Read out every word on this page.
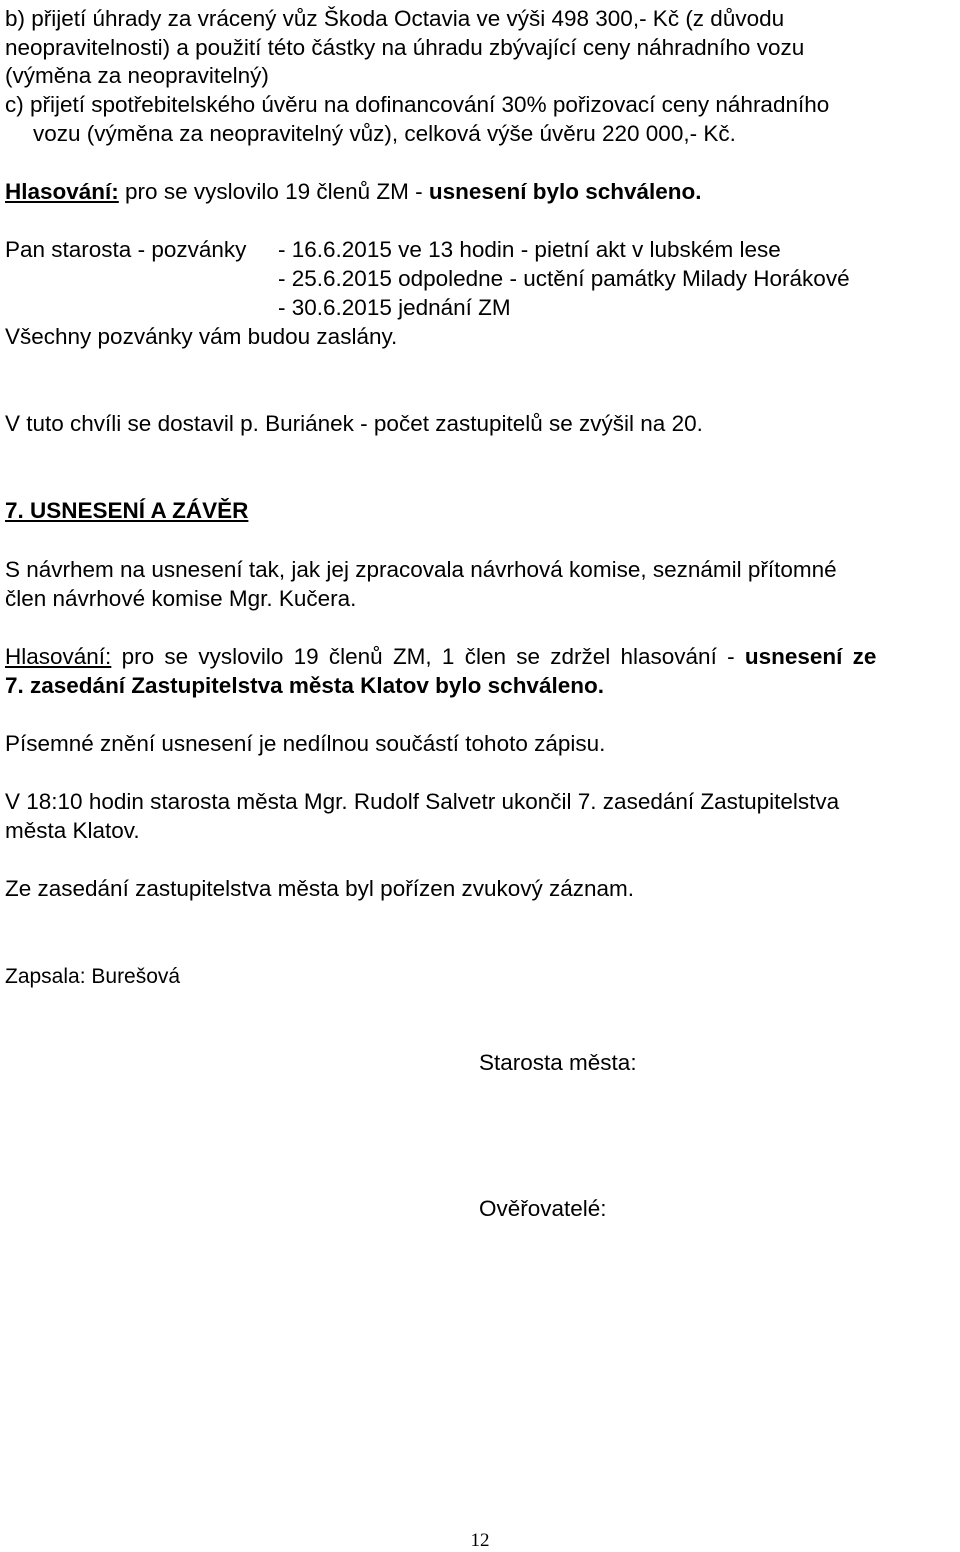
b) přijetí úhrady za vrácený vůz Škoda Octavia ve výši 498 300,- Kč (z důvodu
neopravitelnosti) a použití této částky na úhradu zbývající ceny náhradního vozu
(výměna za neopravitelný)
c) přijetí spotřebitelského úvěru na dofinancování 30% pořizovací ceny náhradního
vozu (výměna za neopravitelný vůz), celková výše úvěru 220 000,- Kč.
Hlasování: pro se vyslovilo 19 členů ZM - usnesení bylo schváleno.
Pan starosta - pozvánky - 16.6.2015 ve 13 hodin - pietní akt v lubském lese
- 25.6.2015 odpoledne - uctění památky Milady Horákové
- 30.6.2015 jednání ZM
Všechny pozvánky vám budou zaslány.
V tuto chvíli se dostavil p. Buriánek - počet zastupitelů se zvýšil na 20.
7. USNESENÍ A ZÁVĚR
S návrhem na usnesení tak, jak jej zpracovala návrhová komise, seznámil přítomné
člen návrhové komise Mgr. Kučera.
Hlasování: pro se vyslovilo 19 členů ZM, 1 člen se zdržel hlasování - usnesení ze
7. zasedání Zastupitelstva města Klatov bylo schváleno.
Písemné znění usnesení je nedílnou součástí tohoto zápisu.
V 18:10 hodin starosta města Mgr. Rudolf Salvetr ukončil 7. zasedání Zastupitelstva
města Klatov.
Ze zasedání zastupitelstva města byl pořízen zvukový záznam.
Zapsala: Burešová
Starosta města:
Ověřovatelé:
12
